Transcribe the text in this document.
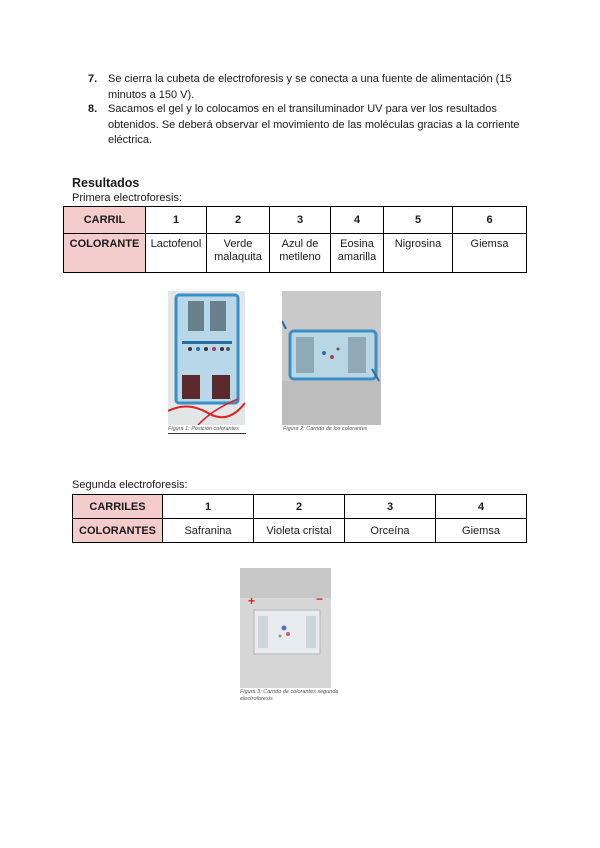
7. Se cierra la cubeta de electroforesis y se conecta a una fuente de alimentación (15 minutos a 150 V).
8. Sacamos el gel y lo colocamos en el transiluminador UV para ver los resultados obtenidos. Se deberá observar el movimiento de las moléculas gracias a la corriente eléctrica.
Resultados
Primera electroforesis:
CARRIL	1	2	3	4	5	6
COLORANTE	Lactofenol	Verde malaquita	Azul de metileno	Eosina amarilla	Nigrosina	Giemsa
Figura 1: Posición colorantes	Figura 2: Carrido de los colorantes
Segunda electroforesis:
CARRILES	1	2	3	4
COLORANTES	Safranina	Violeta cristal	Orceína	Giemsa
+	−
Figura 3: Carrido de colorantes segunda electroforesis
